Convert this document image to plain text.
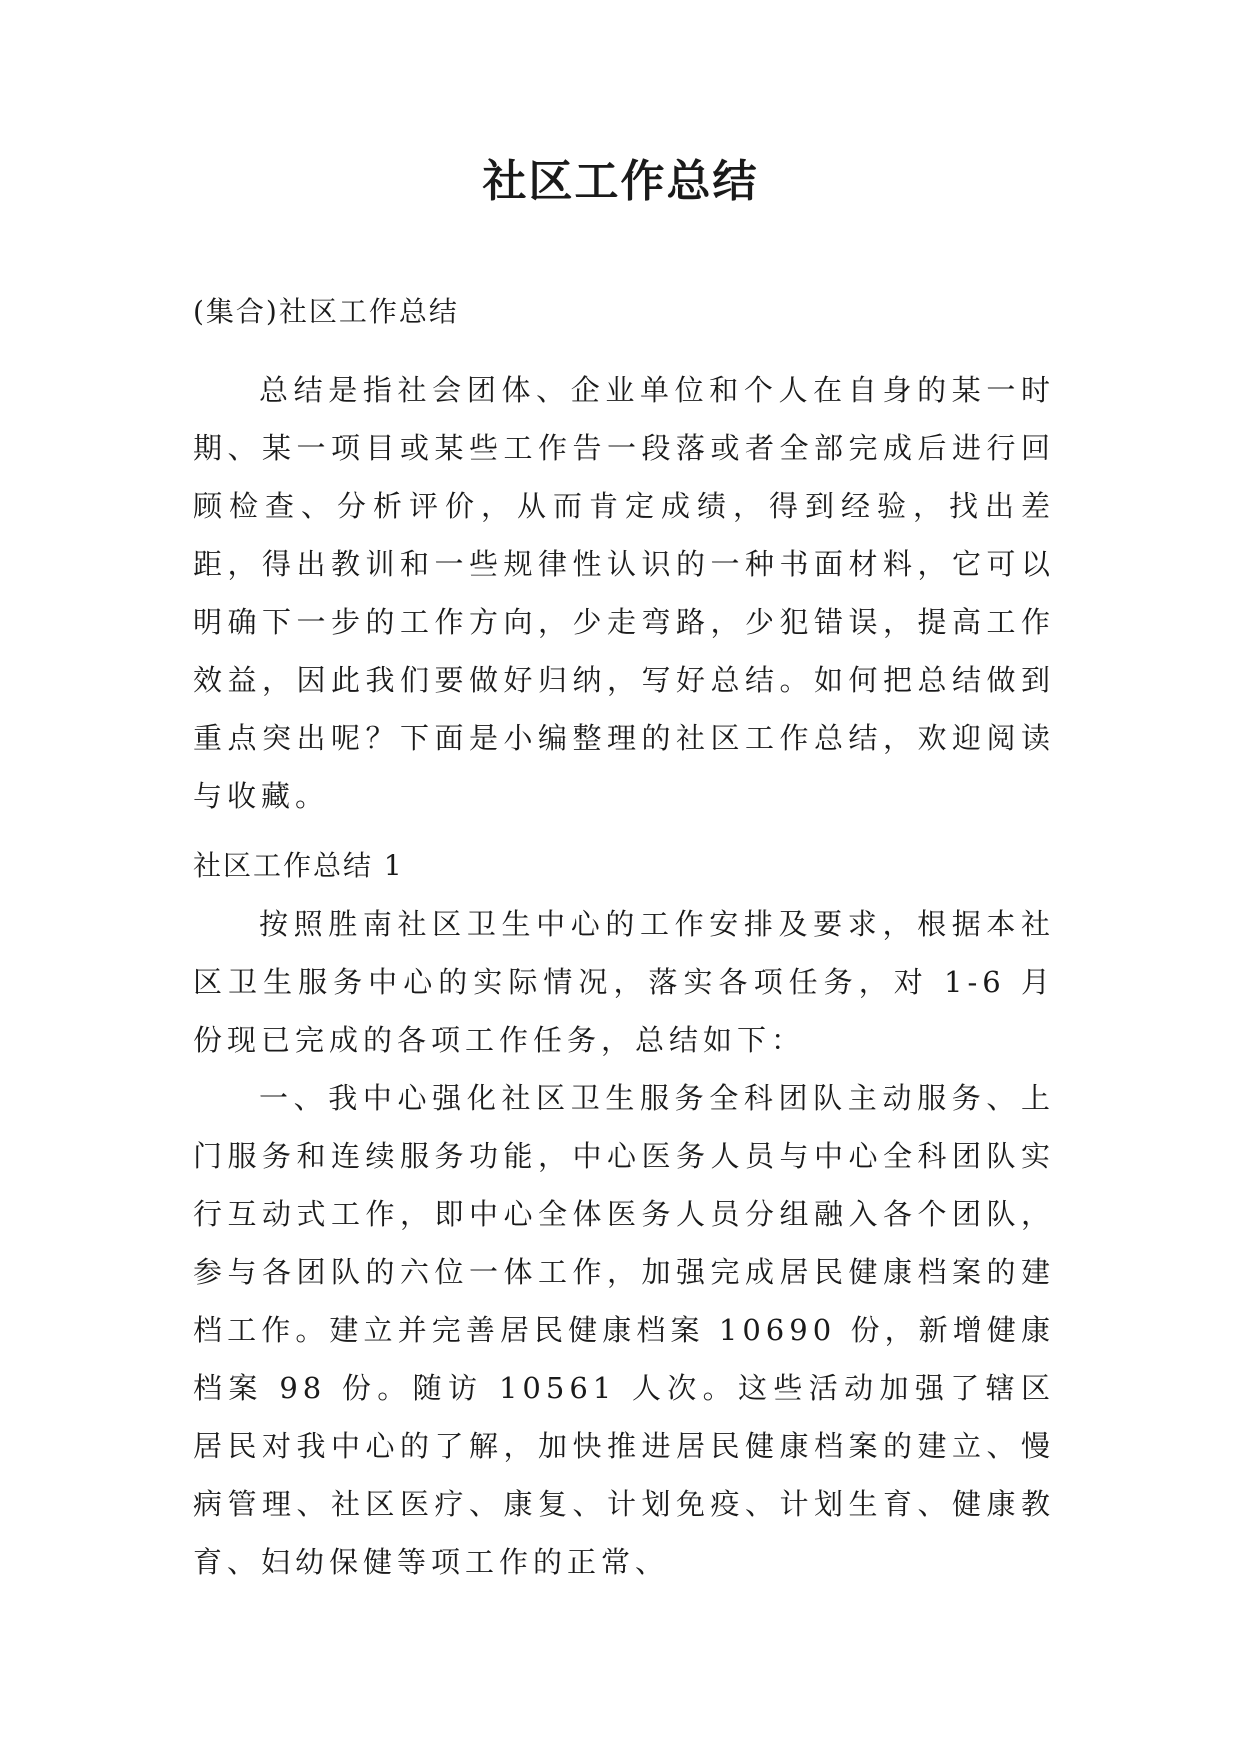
社区工作总结

(集合)社区工作总结

总结是指社会团体、企业单位和个人在自身的某一时期、某一项目或某些工作告一段落或者全部完成后进行回顾检查、分析评价，从而肯定成绩，得到经验，找出差距，得出教训和一些规律性认识的一种书面材料，它可以明确下一步的工作方向，少走弯路，少犯错误，提高工作效益，因此我们要做好归纳，写好总结。如何把总结做到重点突出呢？下面是小编整理的社区工作总结，欢迎阅读与收藏。

社区工作总结 1

按照胜南社区卫生中心的工作安排及要求，根据本社区卫生服务中心的实际情况，落实各项任务，对 1-6 月份现已完成的各项工作任务，总结如下：

一、我中心强化社区卫生服务全科团队主动服务、上门服务和连续服务功能，中心医务人员与中心全科团队实行互动式工作，即中心全体医务人员分组融入各个团队，参与各团队的六位一体工作，加强完成居民健康档案的建档工作。建立并完善居民健康档案 10690 份，新增健康档案 98 份。随访 10561 人次。这些活动加强了辖区居民对我中心的了解，加快推进居民健康档案的建立、慢病管理、社区医疗、康复、计划免疫、计划生育、健康教育、妇幼保健等项工作的正常、
